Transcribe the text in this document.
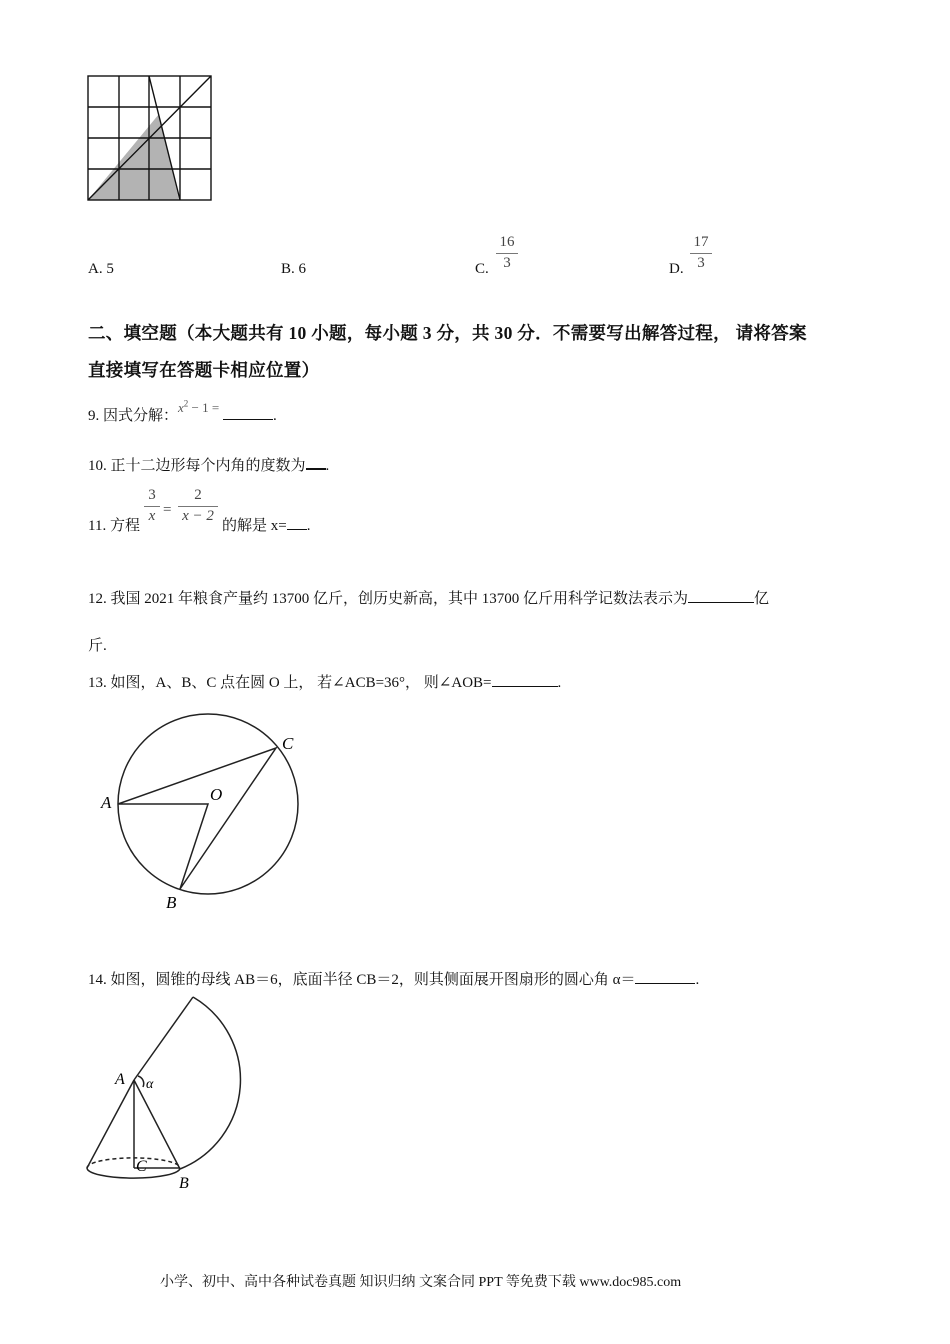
A. 5	B. 6	C.
16
3	D.
17
3
二、填空题（本大题共有 10 小题，每小题 3 分，共 30 分．不需要写出解答过程， 请将答案
直接填写在答题卡相应位置）
9. 因式分解：$x^2 - 1$ = .
10. 正十二边形每个内角的度数为 .
11. 方程
3
x =
2
x − 2
的解是 x= .
12. 我国 2021 年粮食产量约 13700 亿斤，创历史新高，其中 13700 亿斤用科学记数法表示为	亿
斤.
13. 如图，A、B、C 点在圆 O 上， 若∠ACB=36°， 则∠AOB=	.
A	O
B
C
14. 如图，圆锥的母线 AB＝6，底面半径 CB＝2，则其侧面展开图扇形的圆心角 α＝	.
A α
C
B
小学、初中、高中各种试卷真题 知识归纳 文案合同 PPT 等免费下载 www.doc985.com
